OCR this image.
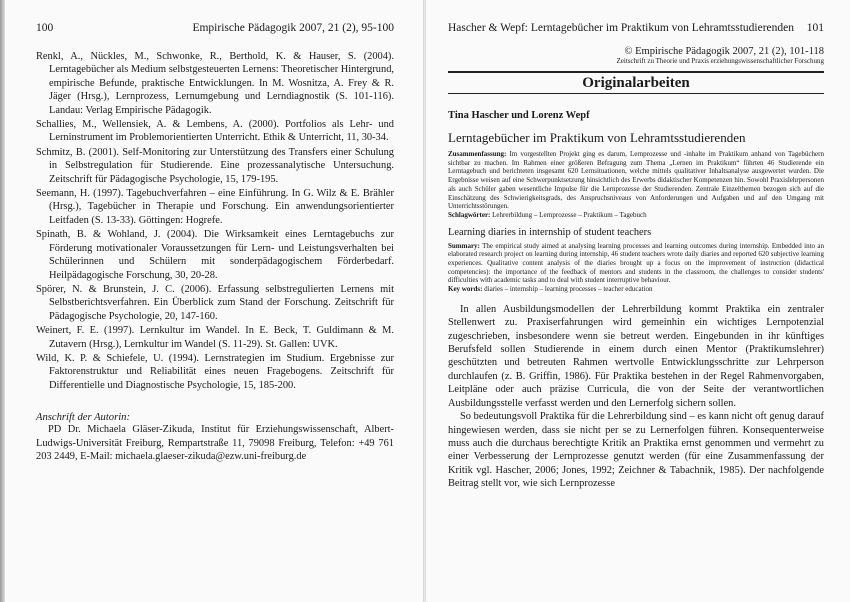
100	Empirische Pädagogik 2007, 21 (2), 95-100

Renkl, A., Nückles, M., Schwonke, R., Berthold, K. & Hauser, S. (2004). Lerntagebücher als Medium selbstgesteuerten Lernens: Theoretischer Hintergrund, empirische Befunde, praktische Entwicklungen. In M. Wosnitza, A. Frey & R. Jäger (Hrsg.), Lernprozess, Lernumgebung und Lerndiagnostik (S. 101-116). Landau: Verlag Empirische Pädagogik.

Schallies, M., Wellensiek, A. & Lembens, A. (2000). Portfolios als Lehr- und Lerninstrument im Problemorientierten Unterricht. Ethik & Unterricht, 11, 30-34.

Schmitz, B. (2001). Self-Monitoring zur Unterstützung des Transfers einer Schulung in Selbstregulation für Studierende. Eine prozessanalytische Untersuchung. Zeitschrift für Pädagogische Psychologie, 15, 179-195.

Seemann, H. (1997). Tagebuchverfahren – eine Einführung. In G. Wilz & E. Brähler (Hrsg.), Tagebücher in Therapie und Forschung. Ein anwendungsorientierter Leitfaden (S. 13-33). Göttingen: Hogrefe.

Spinath, B. & Wohland, J. (2004). Die Wirksamkeit eines Lerntagebuchs zur Förderung motivationaler Voraussetzungen für Lern- und Leistungsverhalten bei Schülerinnen und Schülern mit sonderpädagogischem Förderbedarf. Heilpädagogische Forschung, 30, 20-28.

Spörer, N. & Brunstein, J. C. (2006). Erfassung selbstregulierten Lernens mit Selbstberichtsverfahren. Ein Überblick zum Stand der Forschung. Zeitschrift für Pädagogische Psychologie, 20, 147-160.

Weinert, F. E. (1997). Lernkultur im Wandel. In E. Beck, T. Guldimann & M. Zutavern (Hrsg.), Lernkultur im Wandel (S. 11-29). St. Gallen: UVK.

Wild, K. P. & Schiefele, U. (1994). Lernstrategien im Studium. Ergebnisse zur Faktorenstruktur und Reliabilität eines neuen Fragebogens. Zeitschrift für Differentielle und Diagnostische Psychologie, 15, 185-200.

Anschrift der Autorin:
PD Dr. Michaela Gläser-Zikuda, Institut für Erziehungswissenschaft, Albert-Ludwigs-Universität Freiburg, Rempartstraße 11, 79098 Freiburg, Telefon: +49 761 203 2449, E-Mail: michaela.glaeser-zikuda@ezw.uni-freiburg.de
Hascher & Wepf: Lerntagebücher im Praktikum von Lehramtsstudierenden 101
© Empirische Pädagogik 2007, 21 (2), 101-118
Zeitschrift zu Theorie und Praxis erziehungswissenschaftlicher Forschung
Originalarbeiten
Tina Hascher und Lorenz Wepf
Lerntagebücher im Praktikum von Lehramtsstudierenden
Zusammenfassung: Im vorgestellten Projekt ging es darum, Lernprozesse und -inhalte im Praktikum anhand von Tagebüchern sichtbar zu machen. Im Rahmen einer größeren Befragung zum Thema „Lernen im Praktikum“ führten 46 Studierende ein Lerntagebuch und berichteten insgesamt 620 Lernsituationen, welche mittels qualitativer Inhaltsanalyse ausgewertet wurden. Die Ergebnisse weisen auf eine Schwerpunktsetzung hinsichtlich des Erwerbs didaktischer Kompetenzen hin. Sowohl Praxislehrpersonen als auch Schüler gaben wesentliche Impulse für die Lernprozesse der Studierenden. Zentrale Einzelthemen bezogen sich auf die Einschätzung des Schwierigkeitsgrads, des Anspruchsniveaus von Anforderungen und Aufgaben und auf den Umgang mit Unterrichtsstörungen.
Schlagwörter: Lehrerbildung – Lernprozesse – Praktikum – Tagebuch
Learning diaries in internship of student teachers
Summary: The empirical study aimed at analysing learning processes and learning outcomes during internship. Embedded into an elaborated research project on learning during internship, 46 student teachers wrote daily diaries and reported 620 subjective learning experiences. Qualitative content analysis of the diaries brought up a focus on the improvement of instruction (didactical competencies): the importance of the feedback of mentors and students in the classroom, the challenges to consider students' difficulties with academic tasks and to deal with student interruptive behaviour.
Key words: diaries – internship – learning processes – teacher education

In allen Ausbildungsmodellen der Lehrerbildung kommt Praktika ein zentraler Stellenwert zu. Praxiserfahrungen wird gemeinhin ein wichtiges Lernpotenzial zugeschrieben, insbesondere wenn sie betreut werden. Eingebunden in ihr künftiges Berufsfeld sollen Studierende in einem durch einen Mentor (Praktikumslehrer) geschützten und betreuten Rahmen wertvolle Entwicklungsschritte zur Lehrperson durchlaufen (z. B. Griffin, 1986). Für Praktika bestehen in der Regel Rahmenvorgaben, Leitpläne oder auch präzise Curricula, die von der Seite der verantwortlichen Ausbildungsstelle verfasst werden und den Lernerfolg sichern sollen.

So bedeutungsvoll Praktika für die Lehrerbildung sind – es kann nicht oft genug darauf hingewiesen werden, dass sie nicht per se zu Lernerfolgen führen. Konsequenterweise muss auch die durchaus berechtigte Kritik an Praktika ernst genommen und vermehrt zu einer Verbesserung der Lernprozesse genutzt werden (für eine Zusammenfassung der Kritik vgl. Hascher, 2006; Jones, 1992; Zeichner & Tabachnik, 1985). Der nachfolgende Beitrag stellt vor, wie sich Lernprozesse
